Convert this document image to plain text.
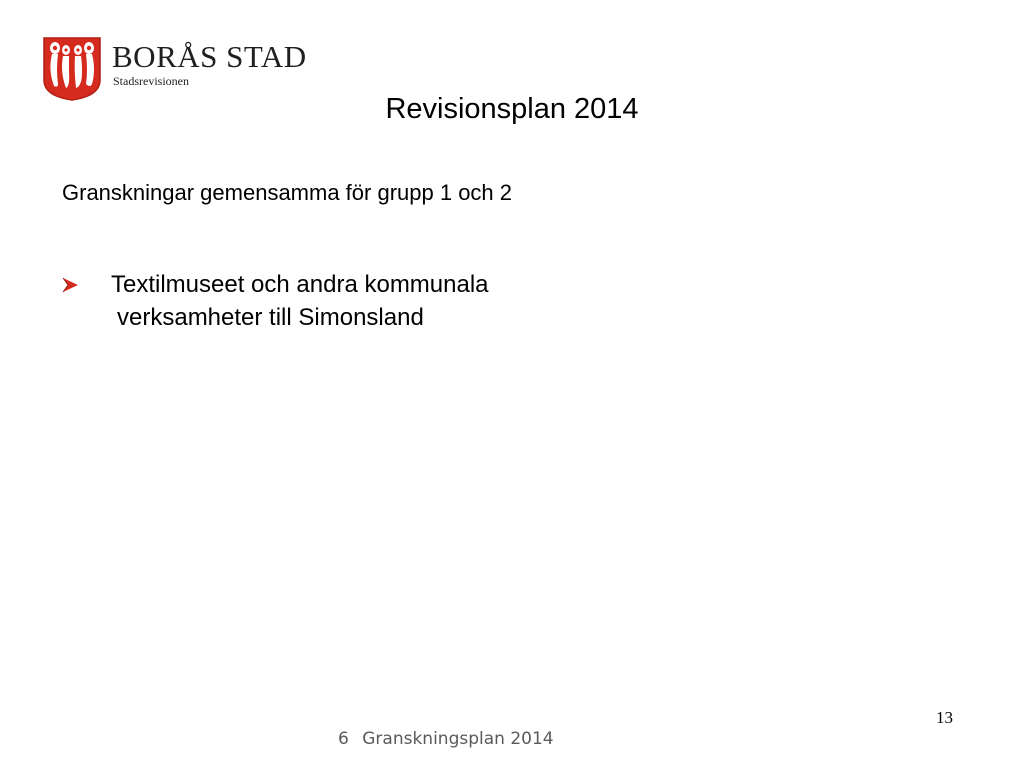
BORÅS STAD
Stadsrevisionen
Revisionsplan 2014
Granskningar gemensamma för grupp 1 och 2
Textilmuseet och andra kommunala
verksamheter till Simonsland
13
6 Granskningsplan 2014
